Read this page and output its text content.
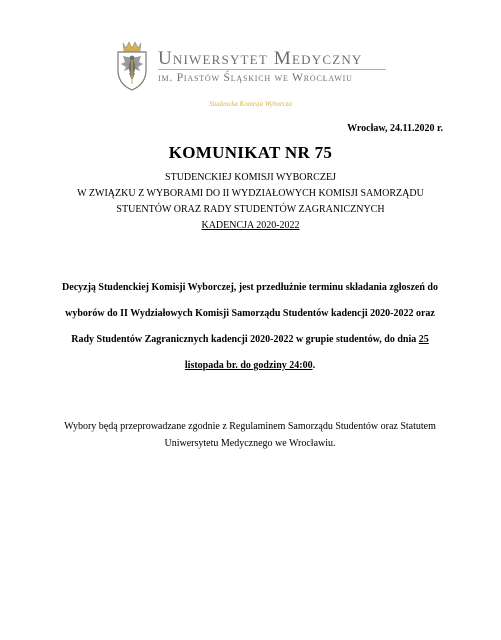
Uniwersytet Medyczny
im. Piastów Śląskich we Wrocławiu
Studencka Komisja Wyborcza
Wrocław, 24.11.2020 r.
KOMUNIKAT NR 75
STUDENCKIEJ KOMISJI WYBORCZEJ
W ZWIĄZKU Z WYBORAMI DO II WYDZIAŁOWYCH KOMISJI SAMORZĄDU
STUENTÓW ORAZ RADY STUDENTÓW ZAGRANICZNYCH
KADENCJA 2020-2022
Decyzją Studenckiej Komisji Wyborczej, jest przedłużnie terminu składania zgłoszeń do
wyborów do II Wydziałowych Komisji Samorządu Studentów kadencji 2020-2022 oraz
Rady Studentów Zagranicznych kadencji 2020-2022 w grupie studentów, do dnia 25
listopada br. do godziny 24:00.
Wybory będą przeprowadzane zgodnie z Regulaminem Samorządu Studentów oraz Statutem
Uniwersytetu Medycznego we Wrocławiu.
